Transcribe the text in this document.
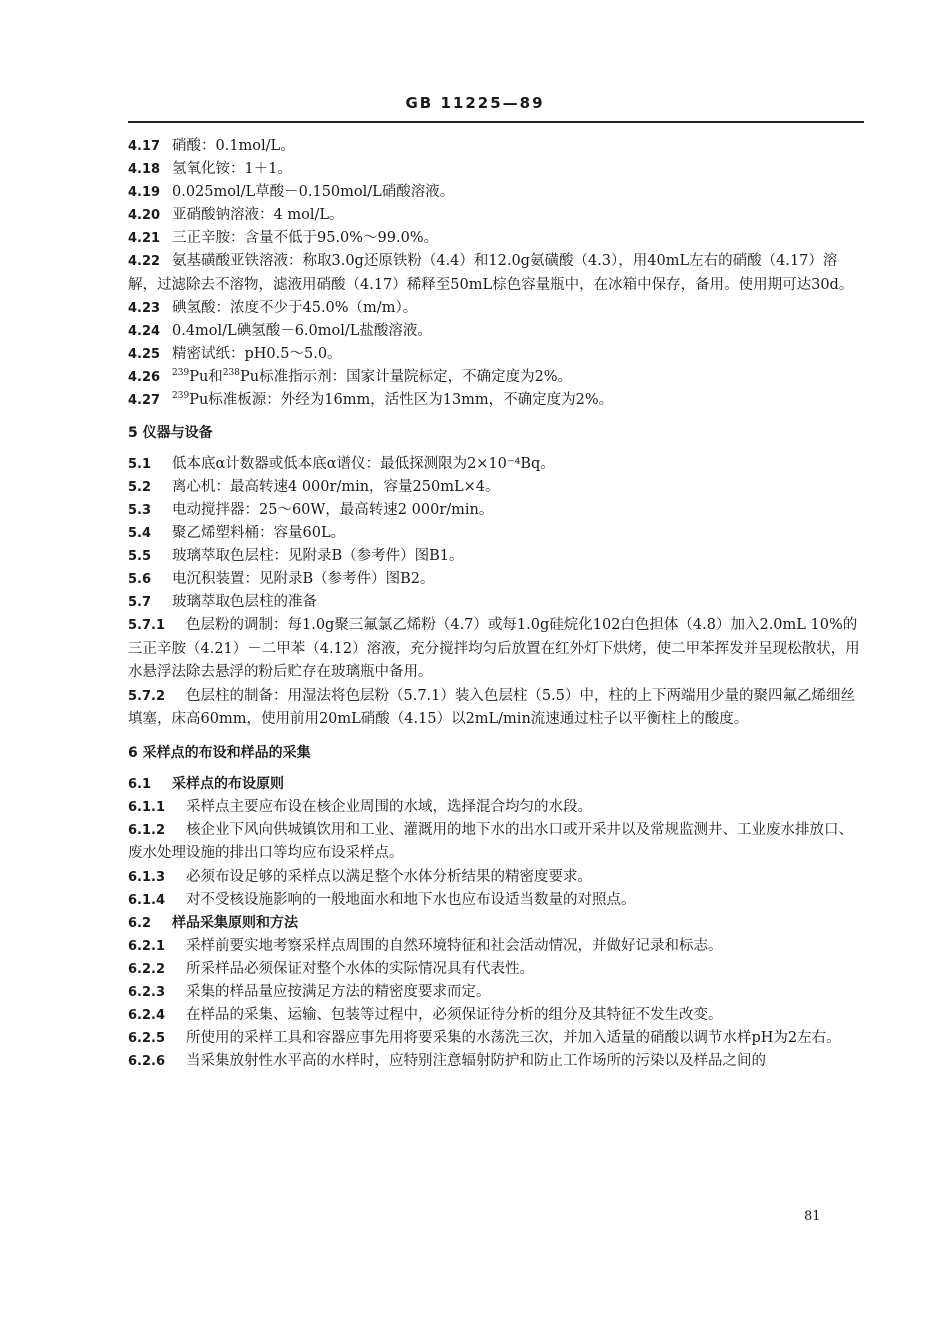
GB 11225—89
4.17 硝酸：0.1mol/L。
4.18 氢氧化铵：1＋1。
4.19 0.025mol/L草酸－0.150mol/L硝酸溶液。
4.20 亚硝酸钠溶液：4 mol/L。
4.21 三正辛胺：含量不低于95.0%～99.0%。
4.22 氨基磺酸亚铁溶液：称取3.0g还原铁粉（4.4）和12.0g氨磺酸（4.3），用40mL左右的硝酸（4.17）溶解，过滤除去不溶物，滤液用硝酸（4.17）稀释至50mL棕色容量瓶中，在冰箱中保存，备用。使用期可达30d。
4.23 碘氢酸：浓度不少于45.0%（m/m）。
4.24 0.4mol/L碘氢酸－6.0mol/L盐酸溶液。
4.25 精密试纸：pH0.5～5.0。
4.26 $^{239}$Pu和$^{238}$Pu标准指示剂：国家计量院标定，不确定度为2%。
4.27 $^{239}$Pu标准板源：外经为16mm，活性区为13mm，不确定度为2%。
5 仪器与设备
5.1 低本底α计数器或低本底α谱仪：最低探测限为2×10⁻⁴Bq。
5.2 离心机：最高转速4 000r/min，容量250mL×4。
5.3 电动搅拌器：25～60W，最高转速2 000r/min。
5.4 聚乙烯塑料桶：容量60L。
5.5 玻璃萃取色层柱：见附录B（参考件）图B1。
5.6 电沉积装置：见附录B（参考件）图B2。
5.7 玻璃萃取色层柱的准备
5.7.1 色层粉的调制：每1.0g聚三氟氯乙烯粉（4.7）或每1.0g硅烷化102白色担体（4.8）加入2.0mL 10%的三正辛胺（4.21）－二甲苯（4.12）溶液，充分搅拌均匀后放置在红外灯下烘烤，使二甲苯挥发并呈现松散状，用水悬浮法除去悬浮的粉后贮存在玻璃瓶中备用。
5.7.2 色层柱的制备：用湿法将色层粉（5.7.1）装入色层柱（5.5）中，柱的上下两端用少量的聚四氟乙烯细丝填塞，床高60mm，使用前用20mL硝酸（4.15）以2mL/min流速通过柱子以平衡柱上的酸度。
6 采样点的布设和样品的采集
6.1 采样点的布设原则
6.1.1 采样点主要应布设在核企业周围的水域，选择混合均匀的水段。
6.1.2 核企业下风向供城镇饮用和工业、灌溉用的地下水的出水口或开采井以及常规监测井、工业废水排放口、废水处理设施的排出口等均应布设采样点。
6.1.3 必须布设足够的采样点以满足整个水体分析结果的精密度要求。
6.1.4 对不受核设施影响的一般地面水和地下水也应布设适当数量的对照点。
6.2 样品采集原则和方法
6.2.1 采样前要实地考察采样点周围的自然环境特征和社会活动情况，并做好记录和标志。
6.2.2 所采样品必须保证对整个水体的实际情况具有代表性。
6.2.3 采集的样品量应按满足方法的精密度要求而定。
6.2.4 在样品的采集、运输、包装等过程中，必须保证待分析的组分及其特征不发生改变。
6.2.5 所使用的采样工具和容器应事先用将要采集的水荡洗三次，并加入适量的硝酸以调节水样pH为2左右。
6.2.6 当采集放射性水平高的水样时，应特别注意辐射防护和防止工作场所的污染以及样品之间的
81
